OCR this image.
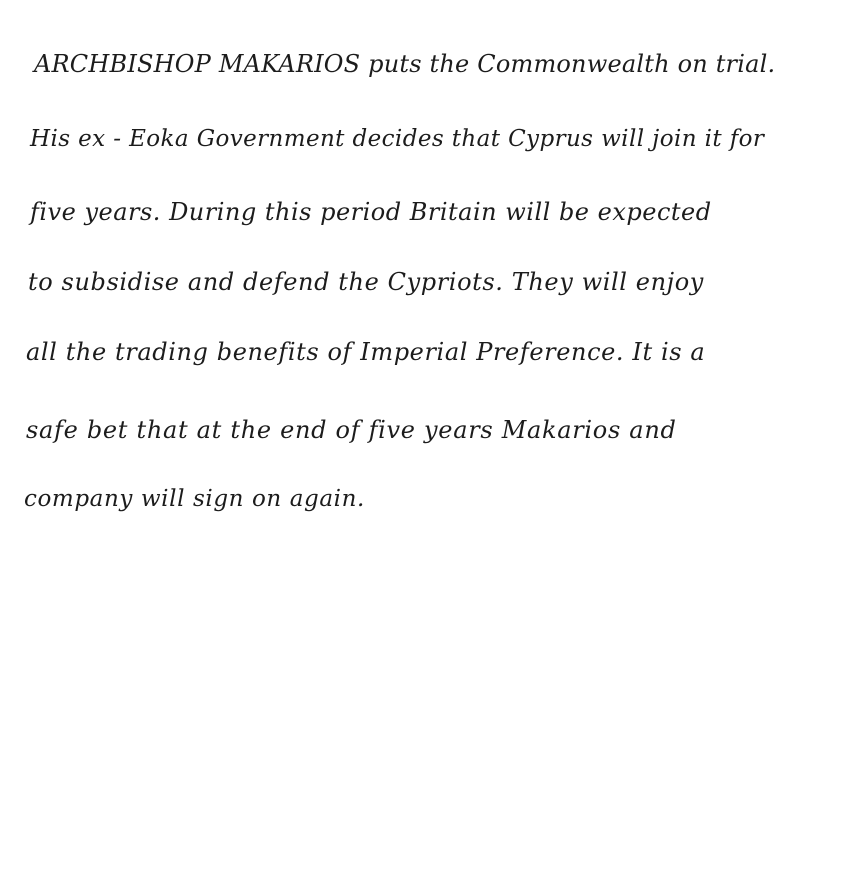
ARCHBISHOP MAKARIOS puts the Commonwealth on trial.
His ex - Eoka Government decides that Cyprus will join it for
five years. During this period Britain will be expected
to subsidise and defend the Cypriots. They will enjoy
all the trading benefits of Imperial Preference. It is a
safe bet that at the end of five years Makarios and
company will sign on again.
